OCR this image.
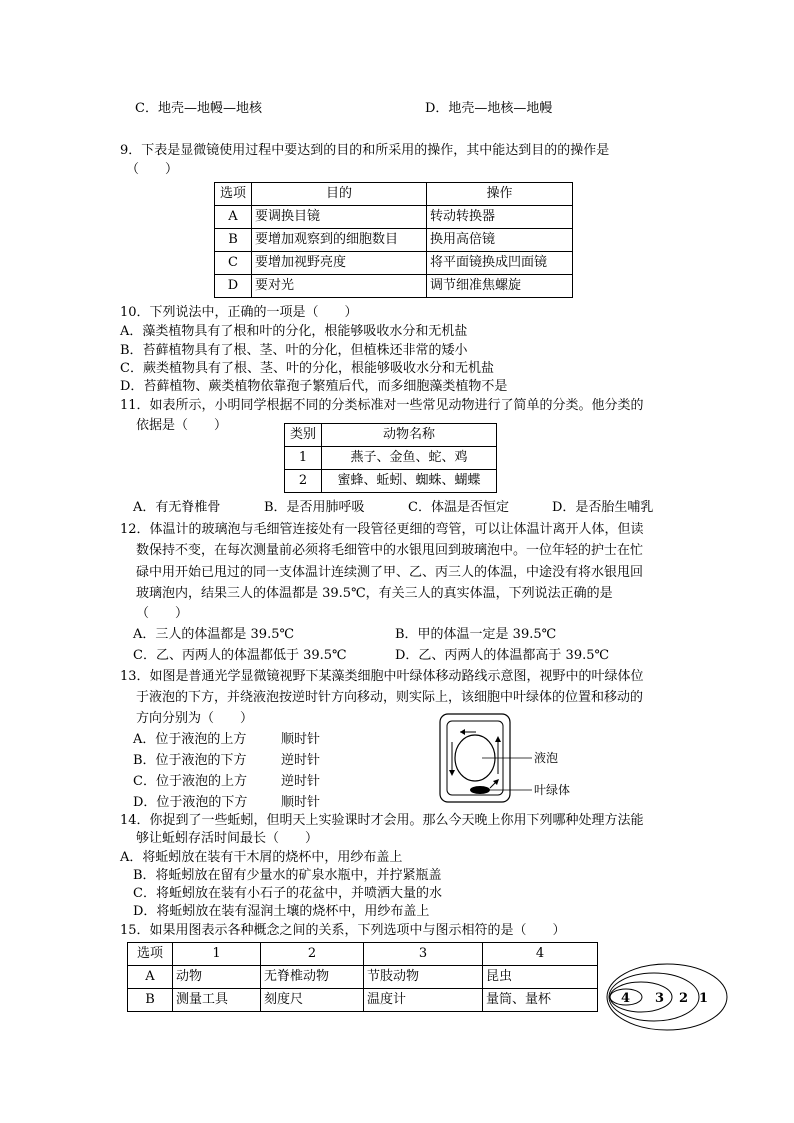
C．地壳—地幔—地核	D．地壳—地核—地幔
9．下表是显微镜使用过程中要达到的目的和所采用的操作，其中能达到目的的操作是
（　　）
选项	目的	操作
A	要调换目镜	转动转换器
B	要增加观察到的细胞数目	换用高倍镜
C	要增加视野亮度	将平面镜换成凹面镜
D	要对光	调节细准焦螺旋
10．下列说法中，正确的一项是（　　）
A．藻类植物具有了根和叶的分化，根能够吸收水分和无机盐
B．苔藓植物具有了根、茎、叶的分化，但植株还非常的矮小
C．蕨类植物具有了根、茎、叶的分化，根能够吸收水分和无机盐
D．苔藓植物、蕨类植物依靠孢子繁殖后代，而多细胞藻类植物不是
11．如表所示，小明同学根据不同的分类标准对一些常见动物进行了简单的分类。他分类的
依据是（　　）
类别	动物名称
1	燕子、金鱼、蛇、鸡
2	蜜蜂、蚯蚓、蜘蛛、蝴蝶
A．有无脊椎骨	B．是否用肺呼吸	C．体温是否恒定	D．是否胎生哺乳
12．体温计的玻璃泡与毛细管连接处有一段管径更细的弯管，可以让体温计离开人体，但读
数保持不变，在每次测量前必须将毛细管中的水银甩回到玻璃泡中。一位年轻的护士在忙
碌中用开始已甩过的同一支体温计连续测了甲、乙、丙三人的体温，中途没有将水银甩回
玻璃泡内，结果三人的体温都是 39.5℃，有关三人的真实体温，下列说法正确的是
（　　）
A．三人的体温都是 39.5℃	B．甲的体温一定是 39.5℃
C．乙、丙两人的体温都低于 39.5℃	D．乙、丙两人的体温都高于 39.5℃
13．如图是普通光学显微镜视野下某藻类细胞中叶绿体移动路线示意图，视野中的叶绿体位
于液泡的下方，并绕液泡按逆时针方向移动，则实际上，该细胞中叶绿体的位置和移动的
方向分别为（　　）
A．位于液泡的上方	顺时针
B．位于液泡的下方	逆时针
C．位于液泡的上方	逆时针
D．位于液泡的下方	顺时针
液泡
叶绿体
14．你捉到了一些蚯蚓，但明天上实验课时才会用。那么今天晚上你用下列哪种处理方法能
够让蚯蚓存活时间最长（　　）
A．将蚯蚓放在装有干木屑的烧杯中，用纱布盖上
B．将蚯蚓放在留有少量水的矿泉水瓶中，并拧紧瓶盖
C．将蚯蚓放在装有小石子的花盆中，并喷洒大量的水
D．将蚯蚓放在装有湿润土壤的烧杯中，用纱布盖上
15．如果用图表示各种概念之间的关系，下列选项中与图示相符的是（　　）
选项	1	2	3	4
A	动物	无脊椎动物	节肢动物	昆虫
B	测量工具	刻度尺	温度计	量筒、量杯	4 3 2 1
